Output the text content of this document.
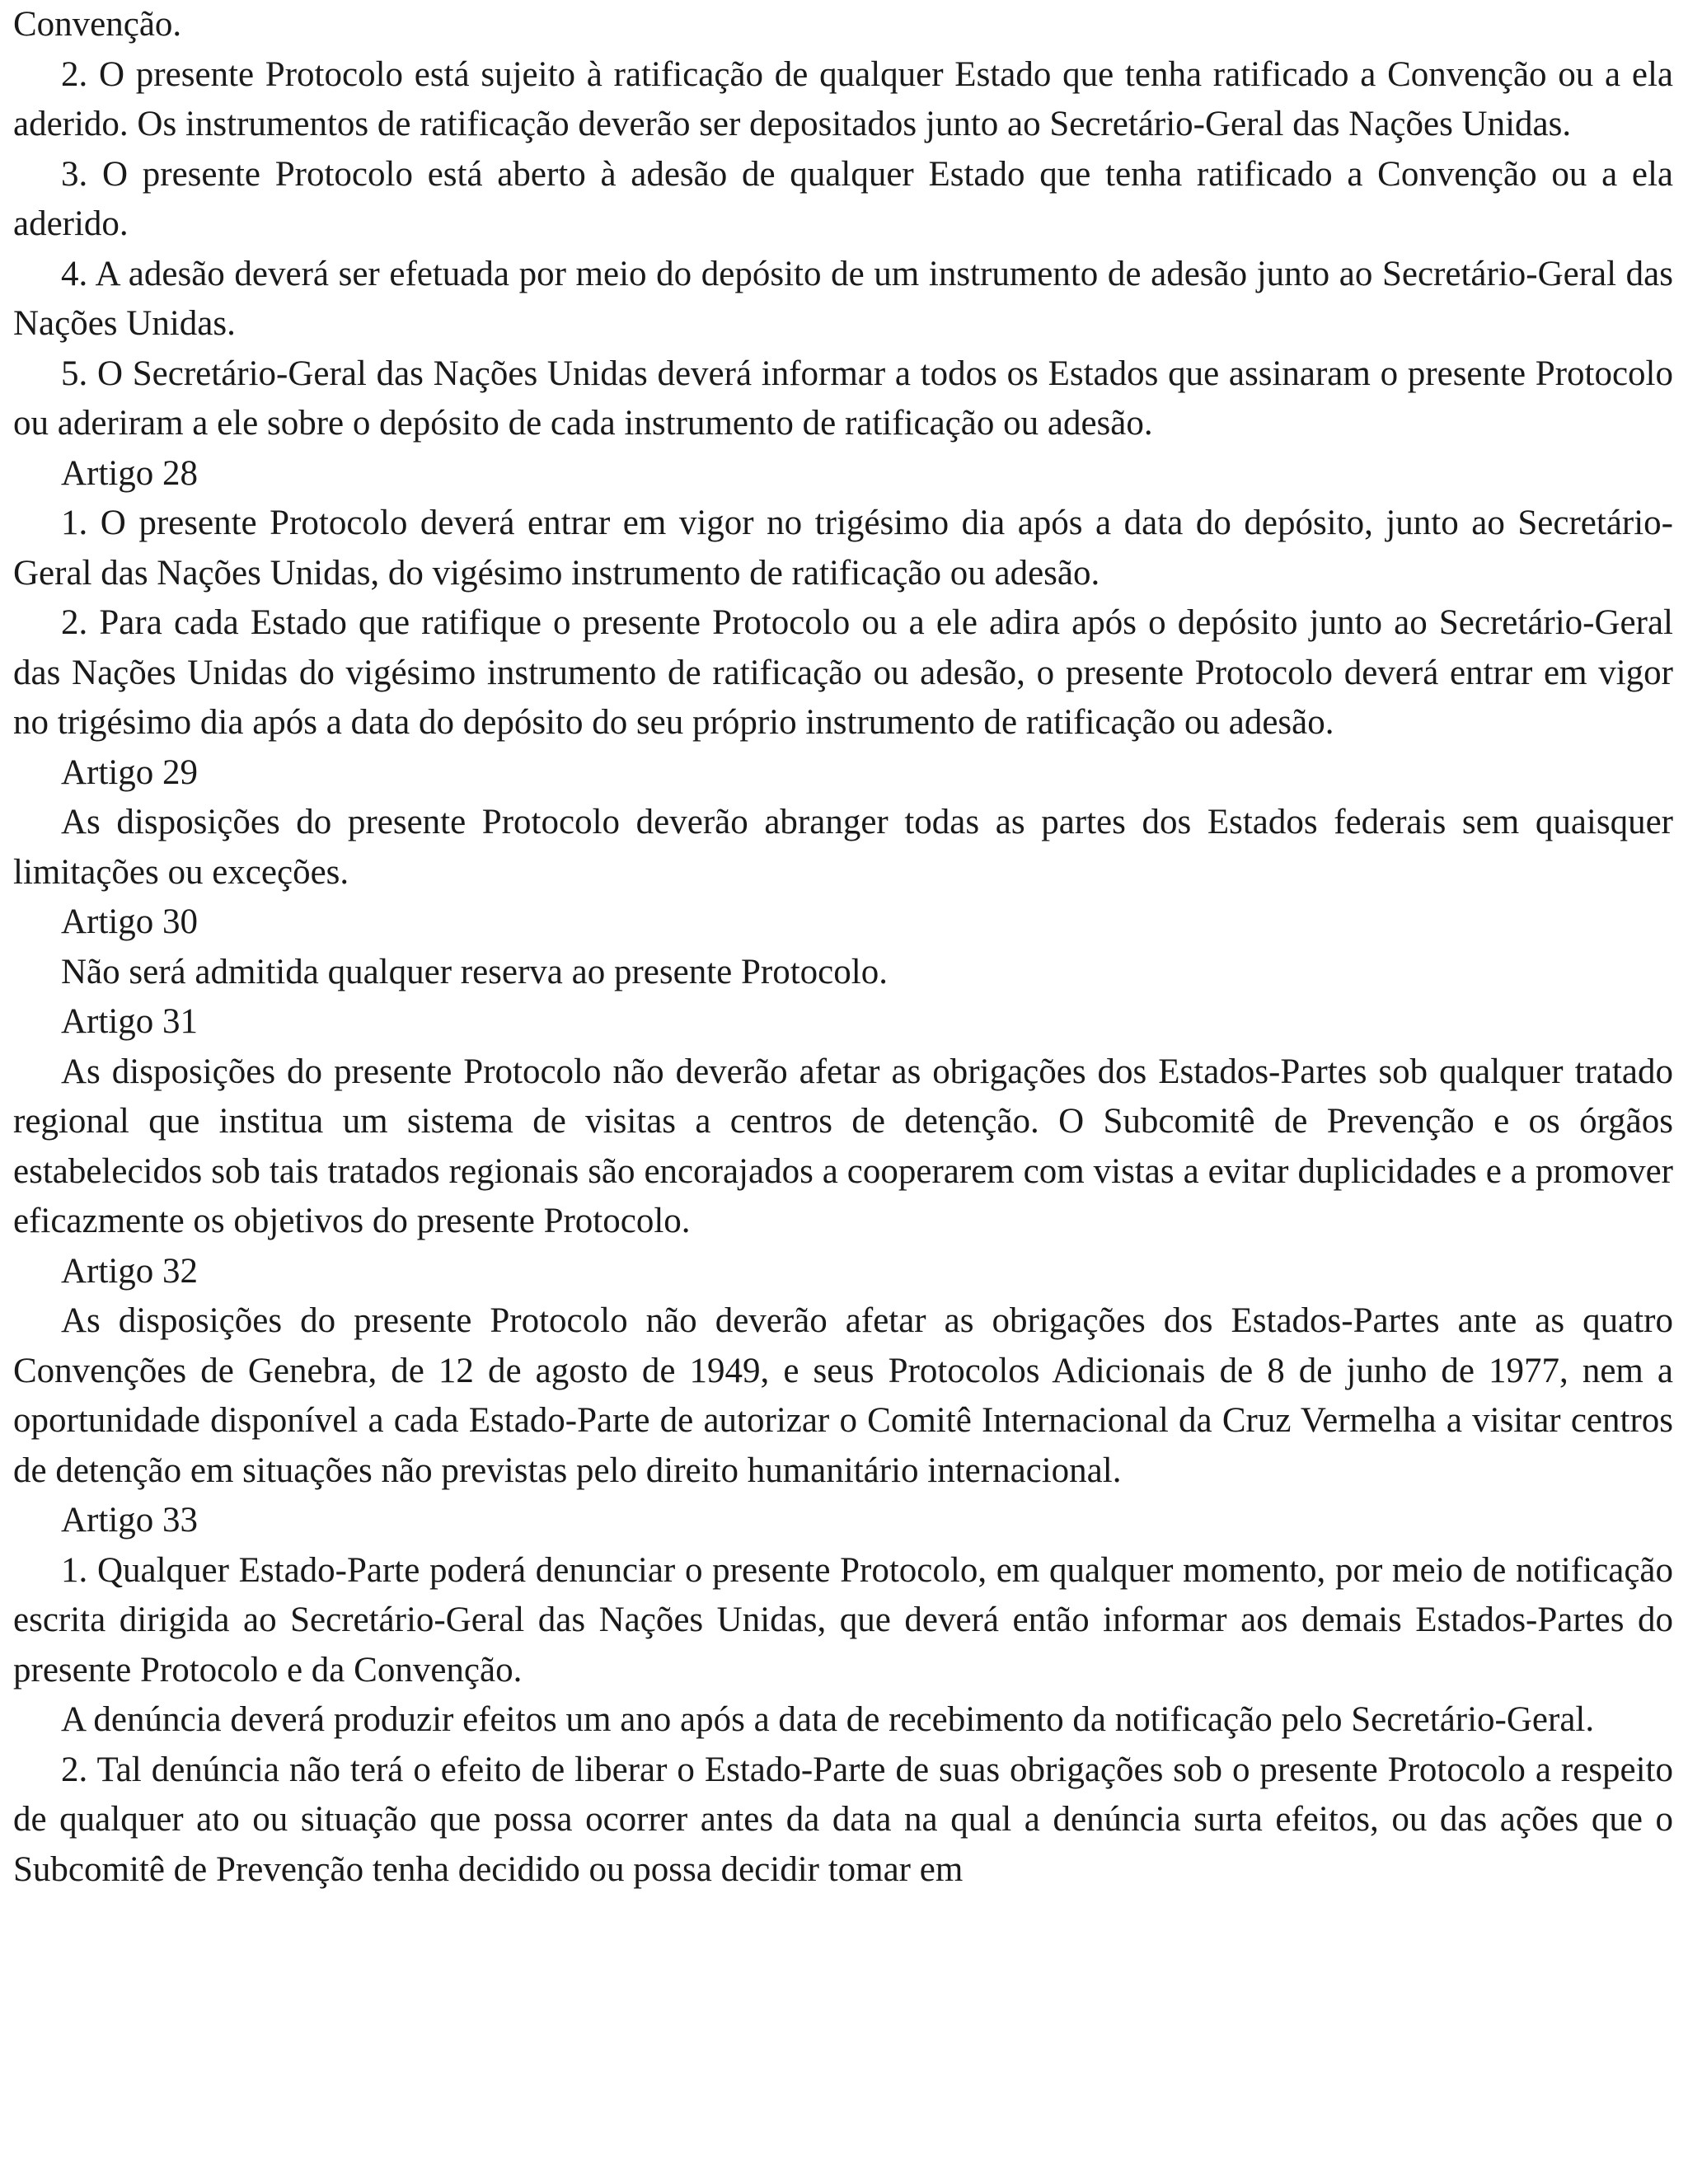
Convenção.

2. O presente Protocolo está sujeito à ratificação de qualquer Estado que tenha ratificado a Convenção ou a ela aderido. Os instrumentos de ratificação deverão ser depositados junto ao Secretário-Geral das Nações Unidas.

3. O presente Protocolo está aberto à adesão de qualquer Estado que tenha ratificado a Convenção ou a ela aderido.

4. A adesão deverá ser efetuada por meio do depósito de um instrumento de adesão junto ao Secretário-Geral das Nações Unidas.

5. O Secretário-Geral das Nações Unidas deverá informar a todos os Estados que assinaram o presente Protocolo ou aderiram a ele sobre o depósito de cada instrumento de ratificação ou adesão.

Artigo 28

1. O presente Protocolo deverá entrar em vigor no trigésimo dia após a data do depósito, junto ao Secretário-Geral das Nações Unidas, do vigésimo instrumento de ratificação ou adesão.

2. Para cada Estado que ratifique o presente Protocolo ou a ele adira após o depósito junto ao Secretário-Geral das Nações Unidas do vigésimo instrumento de ratificação ou adesão, o presente Protocolo deverá entrar em vigor no trigésimo dia após a data do depósito do seu próprio instrumento de ratificação ou adesão.

Artigo 29

As disposições do presente Protocolo deverão abranger todas as partes dos Estados federais sem quaisquer limitações ou exceções.

Artigo 30

Não será admitida qualquer reserva ao presente Protocolo.

Artigo 31

As disposições do presente Protocolo não deverão afetar as obrigações dos Estados-Partes sob qualquer tratado regional que institua um sistema de visitas a centros de detenção. O Subcomitê de Prevenção e os órgãos estabelecidos sob tais tratados regionais são encorajados a cooperarem com vistas a evitar duplicidades e a promover eficazmente os objetivos do presente Protocolo.

Artigo 32

As disposições do presente Protocolo não deverão afetar as obrigações dos Estados-Partes ante as quatro Convenções de Genebra, de 12 de agosto de 1949, e seus Protocolos Adicionais de 8 de junho de 1977, nem a oportunidade disponível a cada Estado-Parte de autorizar o Comitê Internacional da Cruz Vermelha a visitar centros de detenção em situações não previstas pelo direito humanitário internacional.

Artigo 33

1. Qualquer Estado-Parte poderá denunciar o presente Protocolo, em qualquer momento, por meio de notificação escrita dirigida ao Secretário-Geral das Nações Unidas, que deverá então informar aos demais Estados-Partes do presente Protocolo e da Convenção.

A denúncia deverá produzir efeitos um ano após a data de recebimento da notificação pelo Secretário-Geral.

2. Tal denúncia não terá o efeito de liberar o Estado-Parte de suas obrigações sob o presente Protocolo a respeito de qualquer ato ou situação que possa ocorrer antes da data na qual a denúncia surta efeitos, ou das ações que o Subcomitê de Prevenção tenha decidido ou possa decidir tomar em
